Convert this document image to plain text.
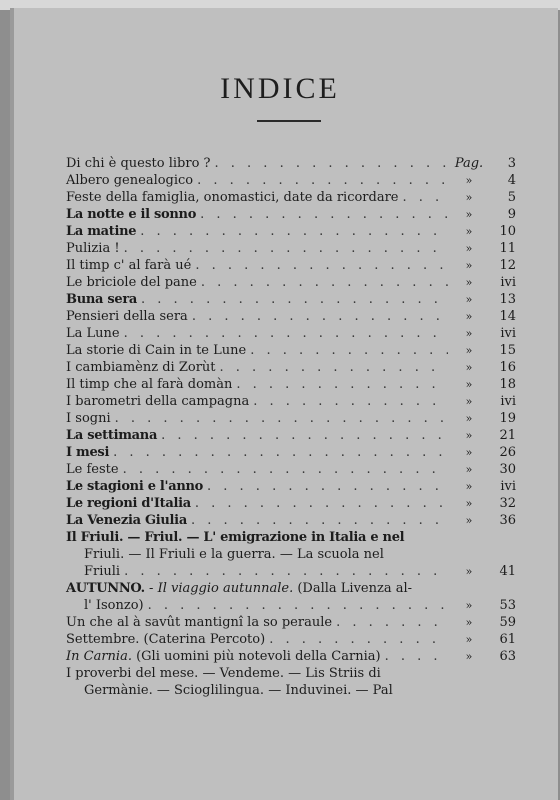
INDICE
Di chi è questo libro ? . . .	Pag.	3
Albero genealogico . . .	»	4
Feste della famiglia, onomastici, date da ricordare . . .	»	5
La notte e il sonno . . .	»	9
La matine . . .	»	10
Pulizia ! . . .	»	11
Il timp c' al farà ué . . .	»	12
Le briciole del pane . . .	»	ivi
Buna sera . . .	»	13
Pensieri della sera . . .	»	14
La Lune . . .	»	ivi
La storie di Cain in te Lune . . .	»	15
I cambiamènz di Zorùt . . .	»	16
Il timp che al farà domàn . . .	»	18
I barometri della campagna . . .	»	ivi
I sogni . . .	»	19
La settimana . . .	»	21
I mesi . . .	»	26
Le feste . . .	»	30
Le stagioni e l'anno . . .	»	ivi
Le regioni d'Italia . . .	»	32
La Venezia Giulia . . .	»	36
Il Friuli. — Friul. — L' emigrazione in Italia e nel
Friuli. — Il Friuli e la guerra. — La scuola nel
Friuli . . .	»	41
AUTUNNO. - Il viaggio autunnale. (Dalla Livenza al-
l' Isonzo) . . .	»	53
Un che al à savût mantignî la so peraule . . .	»	59
Settembre. (Caterina Percoto) . . .	»	61
In Carnia. (Gli uomini più notevoli della Carnia) . . .	»	63
I proverbi del mese. — Vendeme. — Lis Striis di
Germànie. — Scioglilingua. — Induvinei. — Pal
